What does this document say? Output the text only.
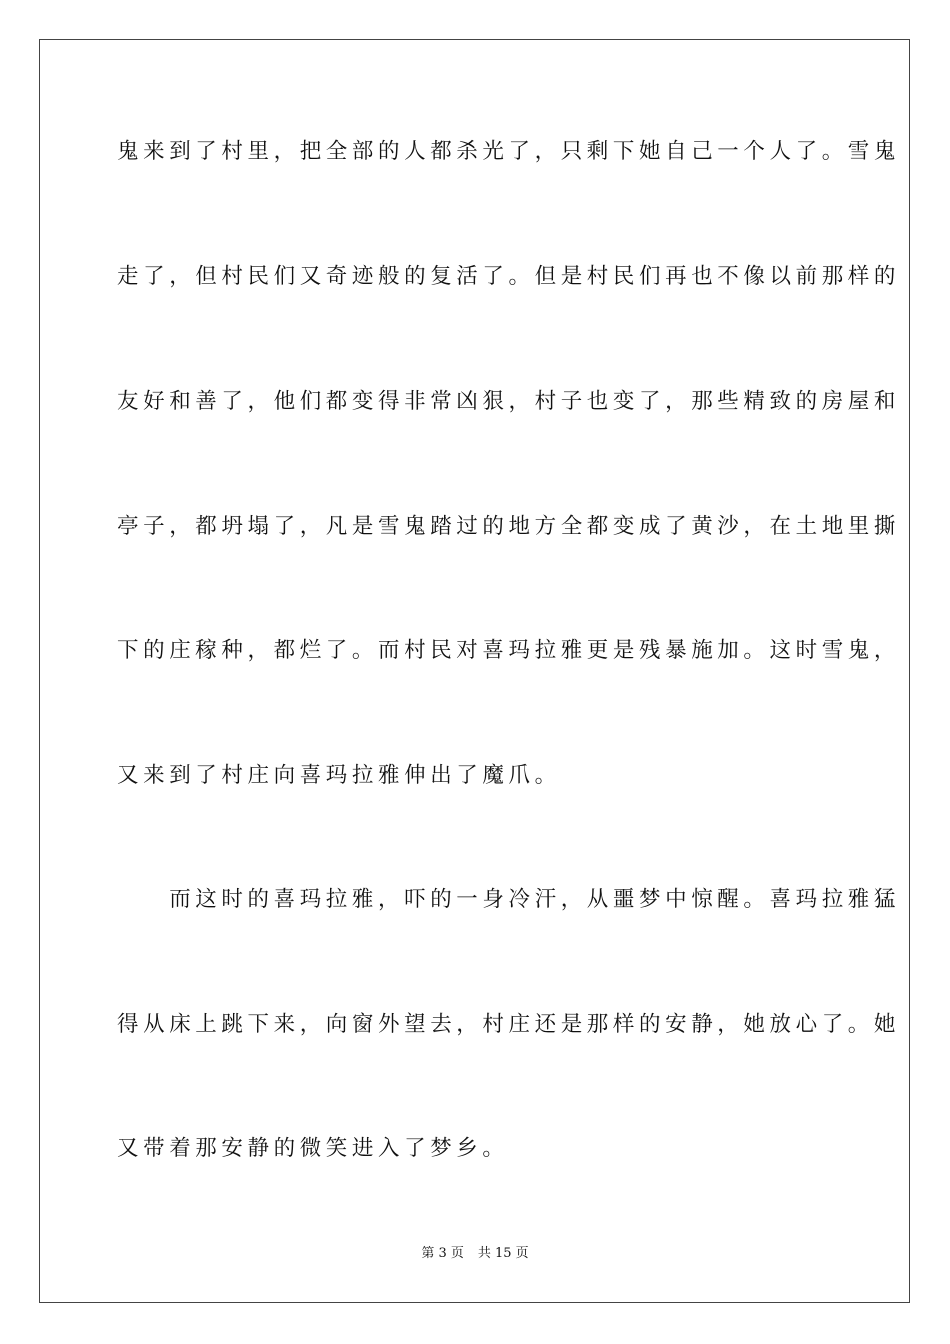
鬼来到了村里，把全部的人都杀光了，只剩下她自己一个人了。雪鬼
走了，但村民们又奇迹般的复活了。但是村民们再也不像以前那样的
友好和善了，他们都变得非常凶狠，村子也变了，那些精致的房屋和
亭子，都坍塌了，凡是雪鬼踏过的地方全都变成了黄沙，在土地里撕
下的庄稼种，都烂了。而村民对喜玛拉雅更是残暴施加。这时雪鬼，
又来到了村庄向喜玛拉雅伸出了魔爪。
　　而这时的喜玛拉雅，吓的一身冷汗，从噩梦中惊醒。喜玛拉雅猛
得从床上跳下来，向窗外望去，村庄还是那样的安静，她放心了。她
又带着那安静的微笑进入了梦乡。
第 3 页 共 15 页
